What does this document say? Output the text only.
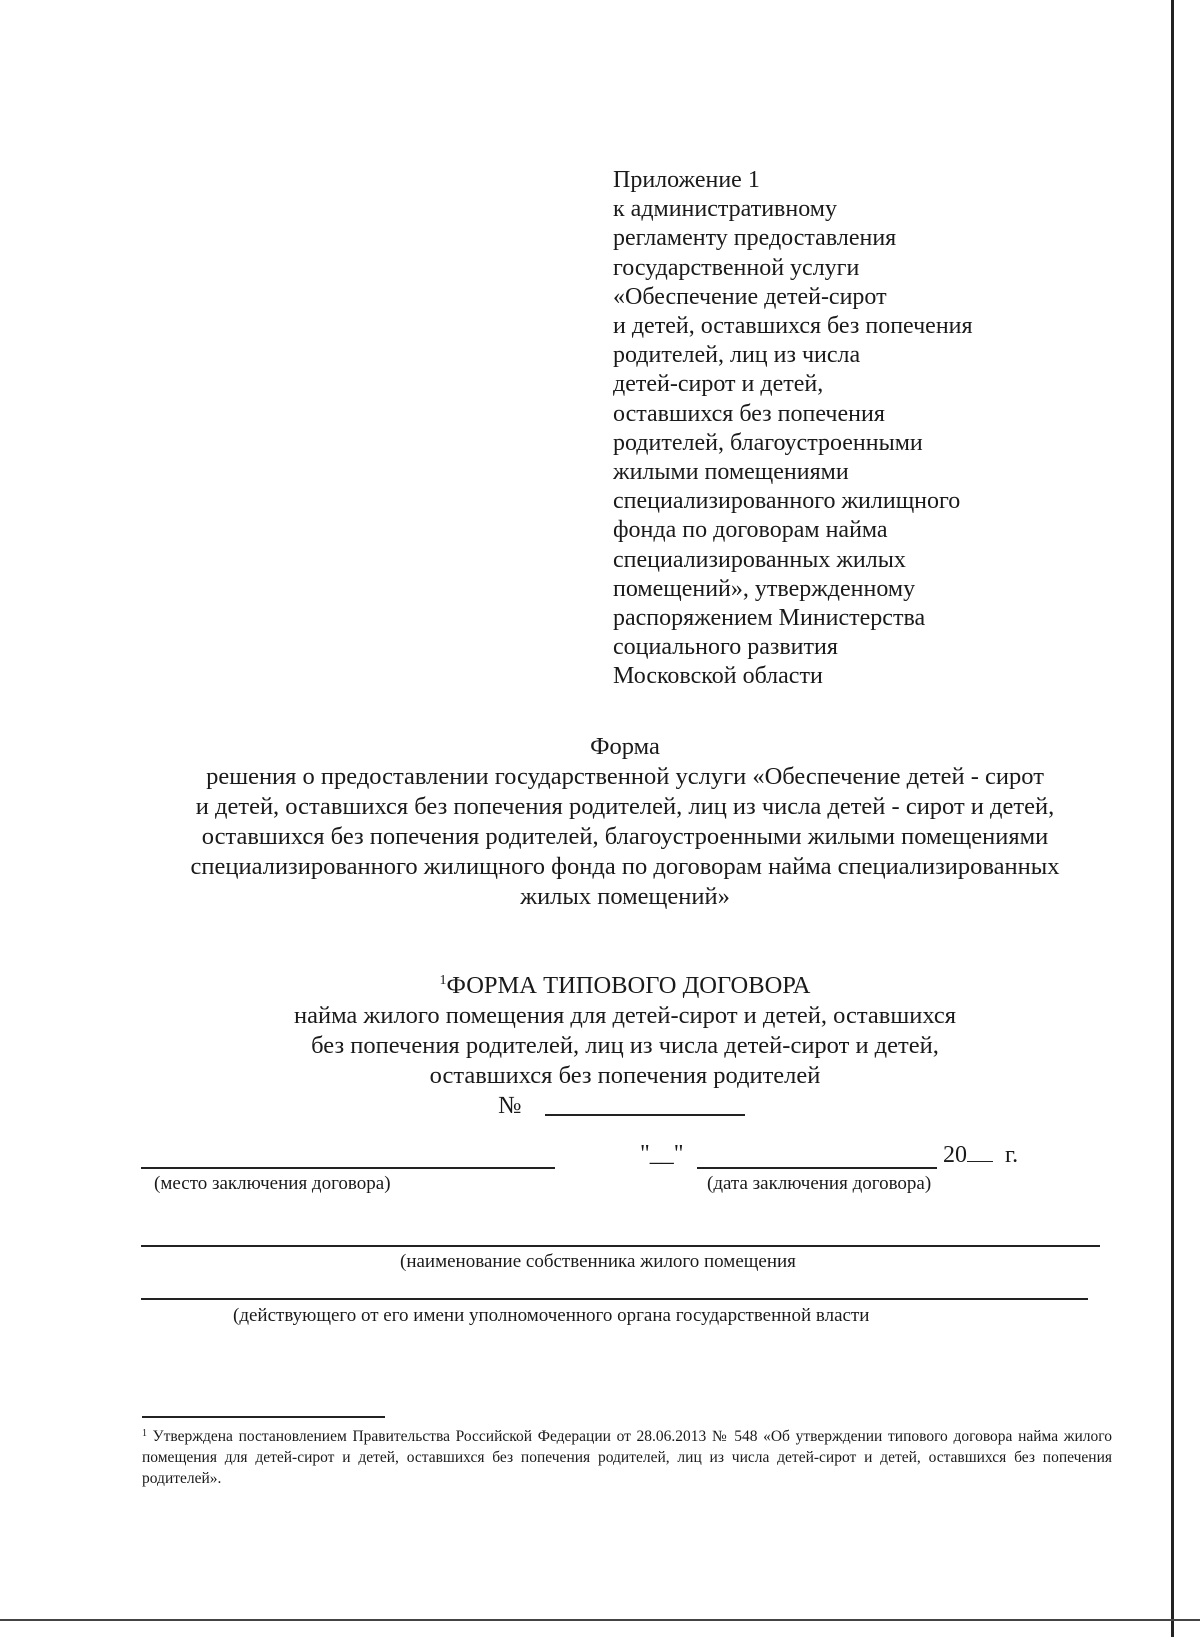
Приложение 1
к административному
регламенту предоставления
государственной услуги
«Обеспечение детей-сирот
и детей, оставшихся без попечения
родителей, лиц из числа
детей-сирот и детей,
оставшихся без попечения
родителей, благоустроенными
жилыми помещениями
специализированного жилищного
фонда по договорам найма
специализированных жилых
помещений», утвержденному
распоряжением Министерства
социального развития
Московской области
Форма
решения о предоставлении государственной услуги «Обеспечение детей - сирот
и детей, оставшихся без попечения родителей, лиц из числа детей - сирот и детей,
оставшихся без попечения родителей, благоустроенными жилыми помещениями
специализированного жилищного фонда по договорам найма специализированных
жилых помещений»
$^1$ФОРМА ТИПОВОГО ДОГОВОРА
найма жилого помещения для детей-сирот и детей, оставшихся
без попечения родителей, лиц из числа детей-сирот и детей,
оставшихся без попечения родителей
№
"__"	20 г.
(место заключения договора)	(дата заключения договора)
(наименование собственника жилого помещения
(действующего от его имени уполномоченного органа государственной власти
$^1$ Утверждена постановлением Правительства Российской Федерации от 28.06.2013 № 548 «Об утверждении типового договора найма жилого помещения для детей-сирот и детей, оставшихся без попечения родителей, лиц из числа детей-сирот и детей, оставшихся без попечения родителей».
